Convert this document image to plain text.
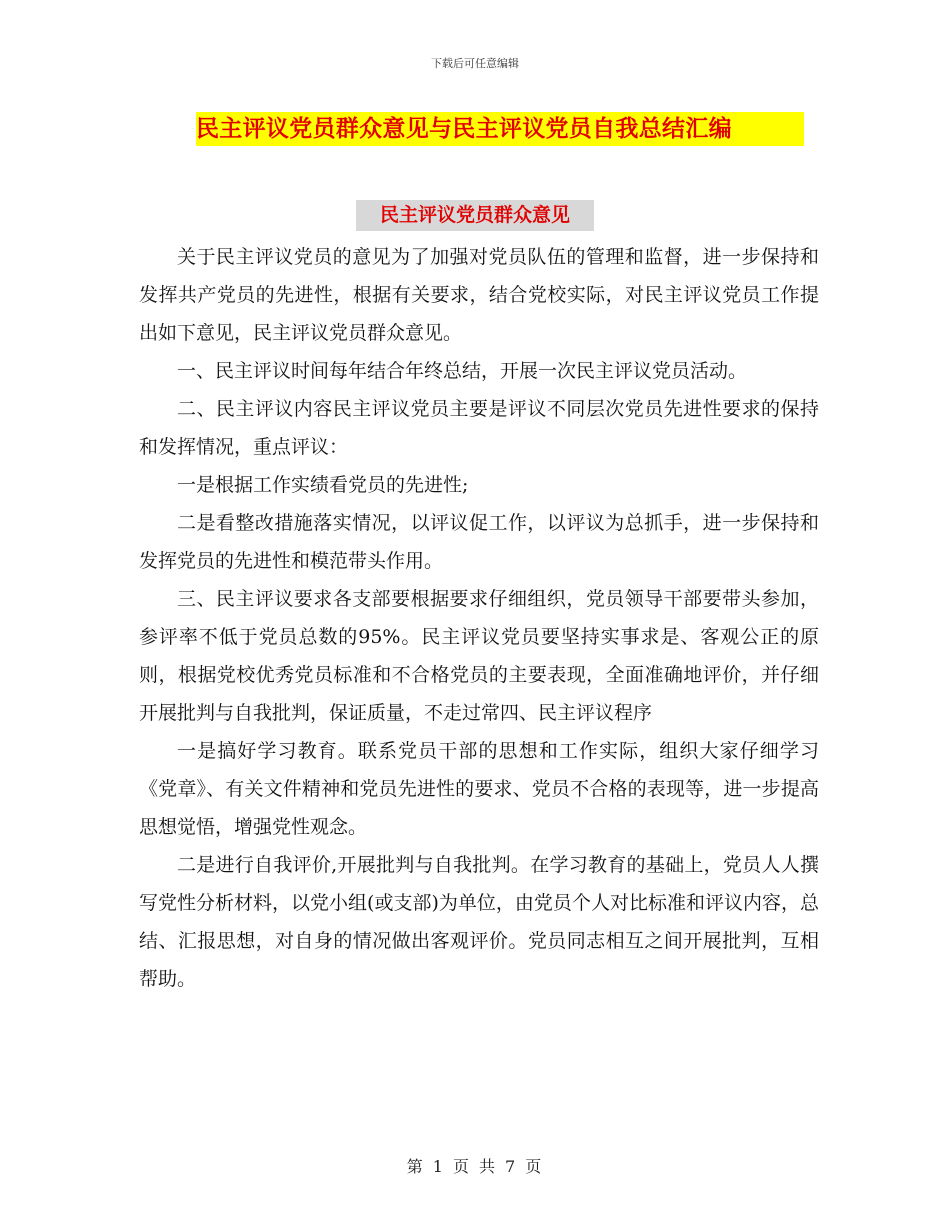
下载后可任意编辑
民主评议党员群众意见与民主评议党员自我总结汇编
民主评议党员群众意见

关于民主评议党员的意见为了加强对党员队伍的管理和监督，进一步保持和发挥共产党员的先进性，根据有关要求，结合党校实际，对民主评议党员工作提出如下意见，民主评议党员群众意见。

一、民主评议时间每年结合年终总结，开展一次民主评议党员活动。

二、民主评议内容民主评议党员主要是评议不同层次党员先进性要求的保持和发挥情况，重点评议：

一是根据工作实绩看党员的先进性;

二是看整改措施落实情况，以评议促工作，以评议为总抓手，进一步保持和发挥党员的先进性和模范带头作用。

三、民主评议要求各支部要根据要求仔细组织，党员领导干部要带头参加，参评率不低于党员总数的95%。民主评议党员要坚持实事求是、客观公正的原则，根据党校优秀党员标准和不合格党员的主要表现，全面准确地评价，并仔细开展批判与自我批判，保证质量，不走过常四、民主评议程序

一是搞好学习教育。联系党员干部的思想和工作实际，组织大家仔细学习《党章》、有关文件精神和党员先进性的要求、党员不合格的表现等，进一步提高思想觉悟，增强党性观念。

二是进行自我评价,开展批判与自我批判。在学习教育的基础上，党员人人撰写党性分析材料，以党小组(或支部)为单位，由党员个人对比标准和评议内容，总结、汇报思想，对自身的情况做出客观评价。党员同志相互之间开展批判，互相帮助。

第 1 页 共 7 页
